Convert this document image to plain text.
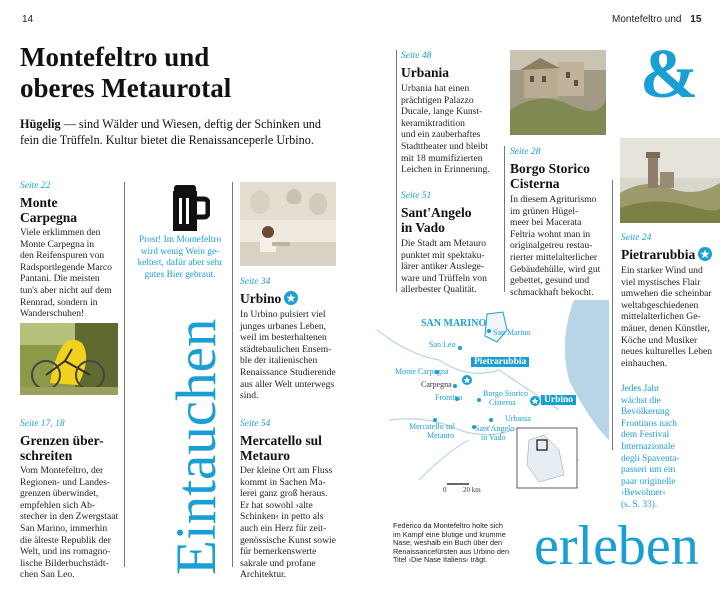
14	Montefeltro und 15
Montefeltro und
oberes Metaurotal
Hügelig — sind Wälder und Wiesen, deftig der Schinken und
fein die Trüffeln. Kultur bietet die Renaissanceperle Urbino.
Seite 22
Monte
Carpegna
Viele erklimmen den
Monte Carpegna in
den Reifenspuren von
Radsportlegende Marco
Pantani. Die meisten
tun's aber nicht auf dem
Rennrad, sondern in
Wanderschuhen!
Seite 17, 18
Grenzen über-
schreiten
Vom Montefeltro, der
Regionen- und Landes-
grenzen überwindet,
empfehlen sich Ab-
stecher in den Zwergstaat
San Marino, immerhin
die älteste Republik der
Welt, und ins romagno-
lische Bilderbuchstädt-
chen San Leo.
Prost! Im Montefeltro
wird wenig Wein ge-
keltert, dafür aber sehr
gutes Bier gebraut.
Eintauchen
Seite 34
Urbino
In Urbino pulsiert viel
junges urbanes Leben,
weil im besterhaltenen
städtebaulichen Ensem-
ble der italienischen
Renaissance Studierende
aus aller Welt unterwegs
sind.
Seite 54
Mercatello sul
Metauro
Der kleine Ort am Fluss
kommt in Sachen Ma-
lerei ganz groß heraus.
Er hat sowohl ›alte
Schinken‹ in petto als
auch ein Herz für zeit-
genössische Kunst sowie
für bemerkenswerte
sakrale und profane
Architektur.
Seite 48
Urbania
Urbania hat einen
prächtigen Palazzo
Ducale, lange Kunst-
keramiktradition
und ein zauberhaftes
Stadttheater und bleibt
mit 18 mumifizierten
Leichen in Erinnerung.
Seite 51
Sant'Angelo
in Vado
Die Stadt am Metauro
punktet mit spektaku-
lärer antiker Auslege-
ware und Trüffeln von
allerbester Qualität.
Seite 28
Borgo Storico
Cisterna
In diesem Agriturismo
im grünen Hügel-
meer bei Macerata
Feltria wohnt man in
originalgetreu restau-
rierter mittelalterlicher
Gebäudehülle, wird gut
gebettet, gesund und
schmackhaft bekocht.
&
Seite 24
Pietrarubbia
Ein starker Wind und
viel mystisches Flair
umwehen die scheinbar
weltabgeschiedenen
mittelalterlichen Ge-
mäuer, denen Künstler,
Köche und Musiker
neues kulturelles Leben
einhauchen.
Jedes Jahr
wächst die
Bevölkerung
Frontinos nach
dem Festival
Internazionale
degli Spaventa-
passeri um ein
paar originelle
›Bewohner‹
(s. S. 33).
SAN MARINO
San Marino
San Leo
Pietrarubbia
Monte Carpegna
Carpegna
Frontino	Borgo Storico
Cisterna	Urbino
Urbania
Mercatello sul
Metauro
Sant'Angelo
in Vado
0 20 km
Federico da Montefeltro holte sich
im Kampf eine blutige und krumme
Nase, weshalb ein Buch über den
Renaissancefürsten aus Urbino den
Titel ›Die Nase Italiens‹ trägt. erleben
